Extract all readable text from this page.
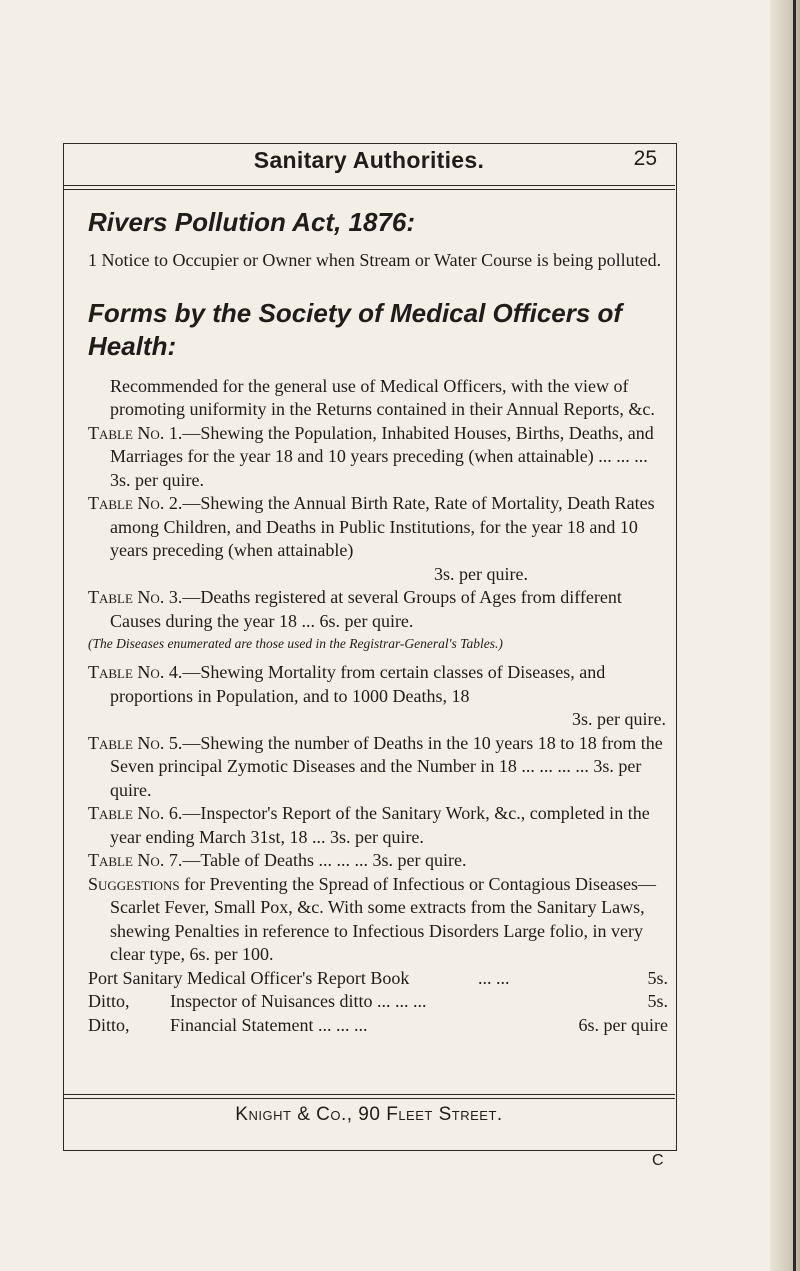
Sanitary Authorities.	25
Rivers Pollution Act, 1876:

1 Notice to Occupier or Owner when Stream or Water Course is being polluted.

Forms by the Society of Medical Officers of Health:

Recommended for the general use of Medical Officers, with the view of promoting uniformity in the Returns contained in their Annual Reports, &c.

Table No. 1.—Shewing the Population, Inhabited Houses, Births, Deaths, and Marriages for the year 18 and 10 years preceding (when attainable) ... ... ... 3s. per quire.

Table No. 2.—Shewing the Annual Birth Rate, Rate of Mortality, Death Rates among Children, and Deaths in Public Institutions, for the year 18 and 10 years preceding (when attainable)

3s. per quire.

Table No. 3.—Deaths registered at several Groups of Ages from different Causes during the year 18 ... 6s. per quire.

(The Diseases enumerated are those used in the Registrar-General's Tables.)

Table No. 4.—Shewing Mortality from certain classes of Diseases, and proportions in Population, and to 1000 Deaths, 18

3s. per quire.

Table No. 5.—Shewing the number of Deaths in the 10 years 18 to 18 from the Seven principal Zymotic Diseases and the Number in 18 ... ... ... ... 3s. per quire.

Table No. 6.—Inspector's Report of the Sanitary Work, &c., completed in the year ending March 31st, 18 ... 3s. per quire.

Table No. 7.—Table of Deaths ... ... ... 3s. per quire.

Suggestions for Preventing the Spread of Infectious or Contagious Diseases—Scarlet Fever, Small Pox, &c. With some extracts from the Sanitary Laws, shewing Penalties in reference to Infectious Disorders Large folio, in very clear type, 6s. per 100.

Port Sanitary Medical Officer's Report Book	... ...	5s.
Ditto,	Inspector of Nuisances ditto ... ... ...	5s.
Ditto,	Financial Statement ... ... ...	6s. per quire
Knight & Co., 90 Fleet Street.
C
